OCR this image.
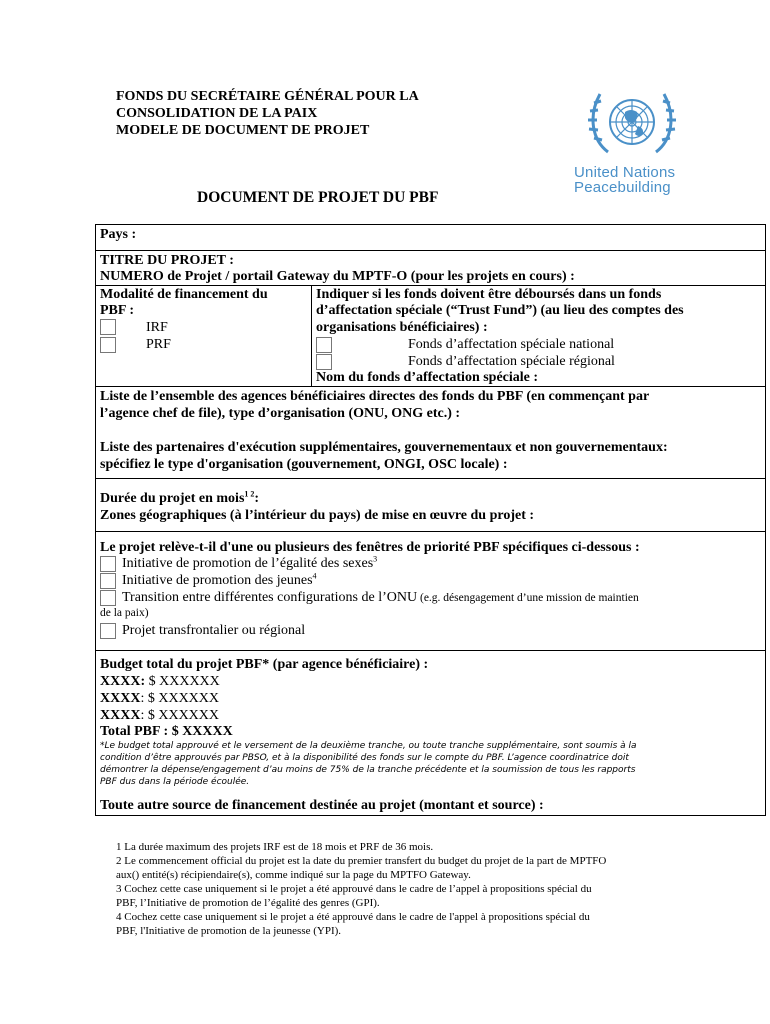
FONDS DU SECRÉTAIRE GÉNÉRAL POUR LA
CONSOLIDATION DE LA PAIX
MODELE DE DOCUMENT DE PROJET
United Nations
Peacebuilding
DOCUMENT DE PROJET DU PBF
Pays :
TITRE DU PROJET :
NUMERO de Projet / portail Gateway du MPTF-O (pour les projets en cours) :
Modalité de financement du
PBF :
IRF
PRF
Indiquer si les fonds doivent être déboursés dans un fonds
d’affectation spéciale (“Trust Fund”) (au lieu des comptes des
organisations bénéficiaires) :
Fonds d’affectation spéciale national
Fonds d’affectation spéciale régional
Nom du fonds d’affectation spéciale :
Liste de l’ensemble des agences bénéficiaires directes des fonds du PBF (en commençant par
l’agence chef de file), type d’organisation (ONU, ONG etc.) :
Liste des partenaires d'exécution supplémentaires, gouvernementaux et non gouvernementaux:
spécifiez le type d'organisation (gouvernement, ONGI, OSC locale) :
Durée du projet en mois$^{1 2}$:
Zones géographiques (à l’intérieur du pays) de mise en œuvre du projet :
Le projet relève-t-il d'une ou plusieurs des fenêtres de priorité PBF spécifiques ci-dessous :
Initiative de promotion de l’égalité des sexes$^3$
Initiative de promotion des jeunes$^4$
Transition entre différentes configurations de l’ONU (e.g. désengagement d’une mission de maintien
de la paix)
Projet transfrontalier ou régional
Budget total du projet PBF* (par agence bénéficiaire) :
XXXX: $ XXXXXX
XXXX: $ XXXXXX
XXXX: $ XXXXXX
Total PBF : $ XXXXX
*Le budget total approuvé et le versement de la deuxième tranche, ou toute tranche supplémentaire, sont soumis à la
condition d’être approuvés par PBSO, et à la disponibilité des fonds sur le compte du PBF. L’agence coordinatrice doit
démontrer la dépense/engagement d’au moins de 75% de la tranche précédente et la soumission de tous les rapports
PBF dus dans la période écoulée.
Toute autre source de financement destinée au projet (montant et source) :
1 La durée maximum des projets IRF est de 18 mois et PRF de 36 mois.
2 Le commencement official du projet est la date du premier transfert du budget du projet de la part de MPTFO
aux() entité(s) récipiendaire(s), comme indiqué sur la page du MPTFO Gateway.
3 Cochez cette case uniquement si le projet a été approuvé dans le cadre de l’appel à propositions spécial du
PBF, l’Initiative de promotion de l’égalité des genres (GPI).
4 Cochez cette case uniquement si le projet a été approuvé dans le cadre de l'appel à propositions spécial du
PBF, l'Initiative de promotion de la jeunesse (YPI).
